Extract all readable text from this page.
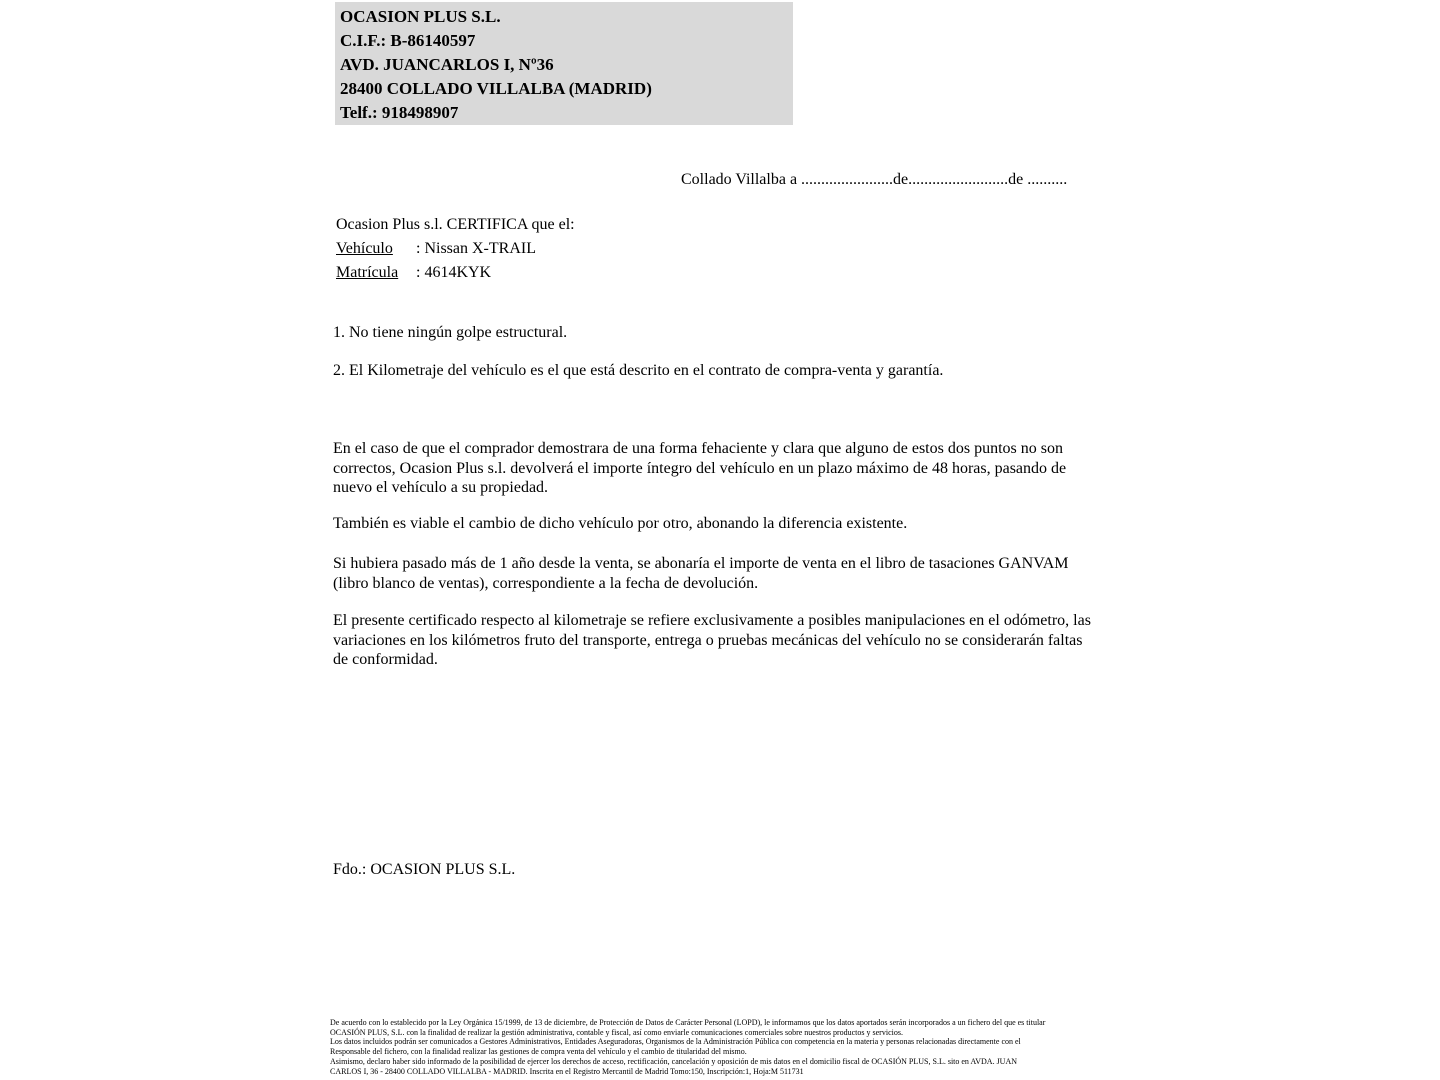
OCASION PLUS S.L.
C.I.F.: B-86140597
AVD. JUANCARLOS I, Nº36
28400 COLLADO VILLALBA (MADRID)
Telf.: 918498907
Collado Villalba a .......................de.........................de ..........
Ocasion Plus s.l. CERTIFICA que el:
Vehículo : Nissan X-TRAIL
Matrícula : 4614KYK
1. No tiene ningún golpe estructural.
2. El Kilometraje del vehículo es el que está descrito en el contrato de compra-venta y garantía.
En el caso de que el comprador demostrara de una forma fehaciente y clara que alguno de estos dos puntos no son correctos, Ocasion Plus s.l. devolverá el importe íntegro del vehículo en un plazo máximo de 48 horas, pasando de nuevo el vehículo a su propiedad.
También es viable el cambio de dicho vehículo por otro, abonando la diferencia existente.
Si hubiera pasado más de 1 año desde la venta, se abonaría el importe de venta en el libro de tasaciones GANVAM (libro blanco de ventas), correspondiente a la fecha de devolución.
El presente certificado respecto al kilometraje se refiere exclusivamente a posibles manipulaciones en el odómetro, las variaciones en los kilómetros fruto del transporte, entrega o pruebas mecánicas del vehículo no se considerarán faltas de conformidad.
Fdo.: OCASION PLUS S.L.
De acuerdo con lo establecido por la Ley Orgánica 15/1999, de 13 de diciembre, de Protección de Datos de Carácter Personal (LOPD), le informamos que los datos aportados serán incorporados a un fichero del que es titular
OCASIÓN PLUS, S.L. con la finalidad de realizar la gestión administrativa, contable y fiscal, así como enviarle comunicaciones comerciales sobre nuestros productos y servicios.
Los datos incluidos podrán ser comunicados a Gestores Administrativos, Entidades Aseguradoras, Organismos de la Administración Pública con competencia en la materia y personas relacionadas directamente con el
Responsable del fichero, con la finalidad realizar las gestiones de compra venta del vehículo y el cambio de titularidad del mismo.
Asimismo, declaro haber sido informado de la posibilidad de ejercer los derechos de acceso, rectificación, cancelación y oposición de mis datos en el domicilio fiscal de OCASIÓN PLUS, S.L. sito en AVDA. JUAN
CARLOS I, 36 - 28400 COLLADO VILLALBA - MADRID. Inscrita en el Registro Mercantil de Madrid Tomo:150, Inscripción:1, Hoja:M 511731
